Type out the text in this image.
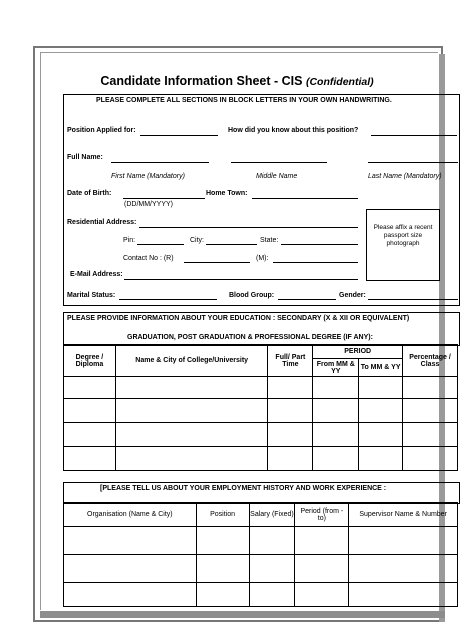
Candidate Information Sheet - CIS (Confidential)
PLEASE COMPLETE ALL SECTIONS IN BLOCK LETTERS IN YOUR OWN HANDWRITING.
Position Applied for:	How did you know about this position?
Full Name:
First Name (Mandatory)	Middle Name	Last Name (Mandatory)
Date of Birth:
(DD/MM/YYYY)
Home Town:
Residential Address:
Pin:	City:	State:
Contact No : (R)	(M):
E-Mail Address:
Marital Status:	Blood Group:	Gender:
Please affix a recent passport size photograph
PLEASE PROVIDE INFORMATION ABOUT YOUR EDUCATION : SECONDARY (X & XII OR EQUIVALENT)
GRADUATION, POST GRADUATION & PROFESSIONAL DEGREE (IF ANY):
Degree / Diploma	Name & City of College/University	Full/ Part Time	PERIOD		Percentage / Class
			From MM & YY	To MM & YY	

[PLEASE TELL US ABOUT YOUR EMPLOYMENT HISTORY AND WORK EXPERIENCE :
Organisation (Name & City)	Position	Salary (Fixed)	Period (from - to)	Supervisor Name & Number
